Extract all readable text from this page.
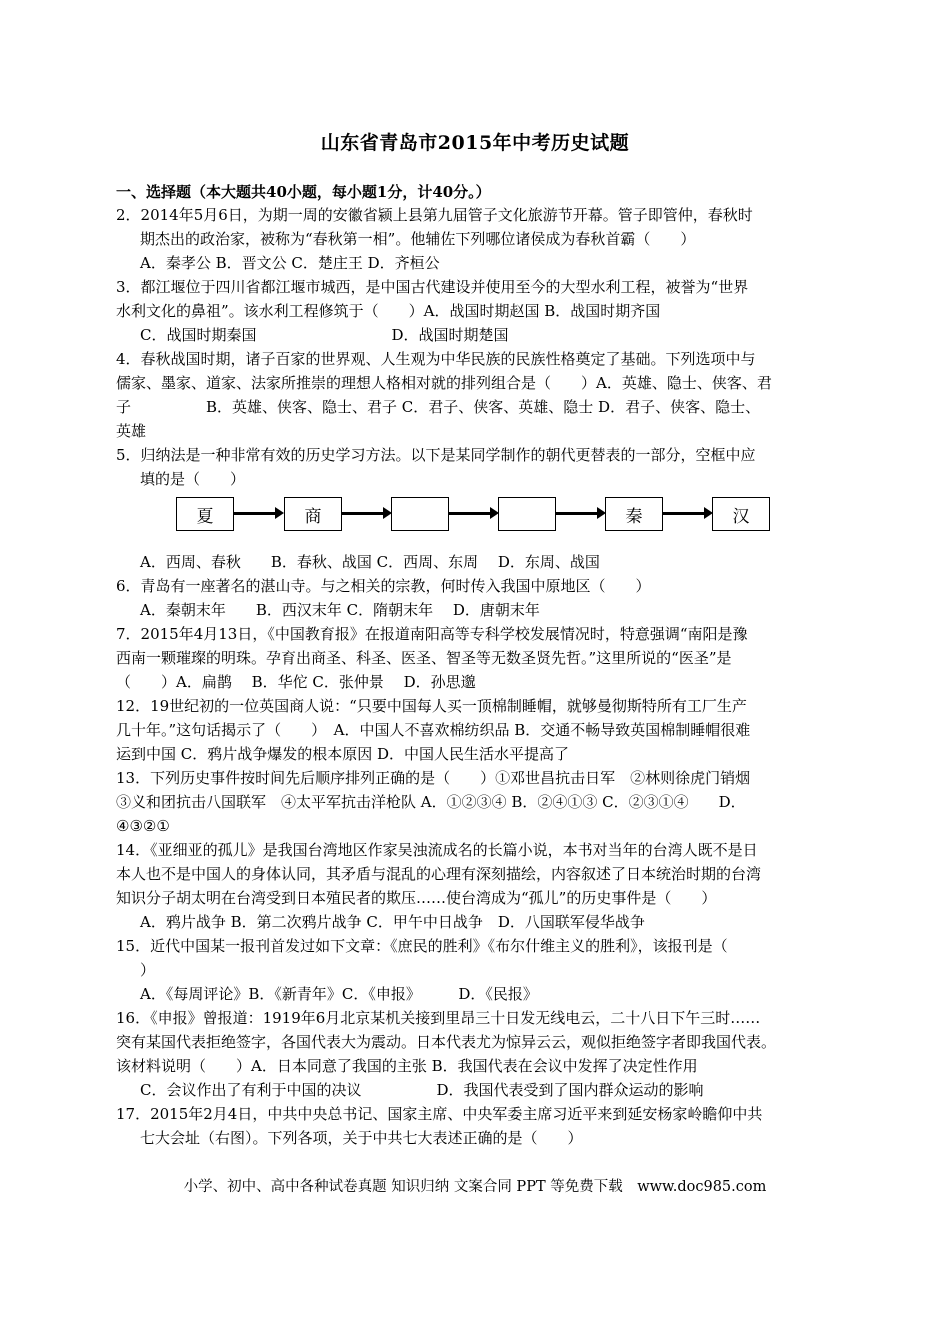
山东省青岛市2015年中考历史试题
一、选择题（本大题共40小题，每小题1分，计40分。）
2．2014年5月6日，为期一周的安徽省颍上县第九届管子文化旅游节开幕。管子即管仲，春秋时
期杰出的政治家，被称为“春秋第一相”。他辅佐下列哪位诸侯成为春秋首霸（　　）
A．秦孝公 B．晋文公 C．楚庄王 D．齐桓公
3．都江堰位于四川省都江堰市城西，是中国古代建设并使用至今的大型水利工程，被誉为“世界
水利文化的鼻祖”。该水利工程修筑于（　　）A．战国时期赵国 B．战国时期齐国
C．战国时期秦国　　　　　　　　　D．战国时期楚国
4．春秋战国时期，诸子百家的世界观、人生观为中华民族的民族性格奠定了基础。下列选项中与
儒家、墨家、道家、法家所推崇的理想人格相对就的排列组合是（　　）A．英雄、隐士、侠客、君
子　　　　　B．英雄、侠客、隐士、君子 C．君子、侠客、英雄、隐士 D．君子、侠客、隐士、
英雄
5．归纳法是一种非常有效的历史学习方法。以下是某同学制作的朝代更替表的一部分，空框中应
填的是（　　）
夏	商	秦	汉
A．西周、春秋　　B．春秋、战国 C．西周、东周　 D．东周、战国
6．青岛有一座著名的湛山寺。与之相关的宗教，何时传入我国中原地区（　　）
A．秦朝末年　　B．西汉末年 C．隋朝末年　 D．唐朝末年
7．2015年4月13日，《中国教育报》在报道南阳高等专科学校发展情况时，特意强调“南阳是豫
西南一颗璀璨的明珠。孕育出商圣、科圣、医圣、智圣等无数圣贤先哲。”这里所说的“医圣”是
（　　）A．扁鹊　 B．华佗 C．张仲景　 D．孙思邈
12．19世纪初的一位英国商人说：“只要中国每人买一顶棉制睡帽，就够曼彻斯特所有工厂生产
几十年。”这句话揭示了（　　）　A．中国人不喜欢棉纺织品 B．交通不畅导致英国棉制睡帽很难
运到中国 C．鸦片战争爆发的根本原因 D．中国人民生活水平提高了
13．下列历史事件按时间先后顺序排列正确的是（　　）①邓世昌抗击日军　②林则徐虎门销烟
③义和团抗击八国联军　④太平军抗击洋枪队 A．①②③④ B．②④①③ C．②③①④　　D．
④③②①
14．《亚细亚的孤儿》是我国台湾地区作家吴浊流成名的长篇小说，本书对当年的台湾人既不是日
本人也不是中国人的身体认同，其矛盾与混乱的心理有深刻描绘，内容叙述了日本统治时期的台湾
知识分子胡太明在台湾受到日本殖民者的欺压……使台湾成为“孤儿”的历史事件是（　　）
A．鸦片战争 B．第二次鸦片战争 C．甲午中日战争　D．八国联军侵华战争
15．近代中国某一报刊首发过如下文章：《庶民的胜利》《布尔什维主义的胜利》，该报刊是（
）
A．《每周评论》B．《新青年》C．《申报》　　　D．《民报》
16．《申报》曾报道：1919年6月北京某机关接到里昂三十日发无线电云，二十八日下午三时……
突有某国代表拒绝签字，各国代表大为震动。日本代表尤为惊异云云，观似拒绝签字者即我国代表。
该材料说明（　　）A．日本同意了我国的主张 B．我国代表在会议中发挥了决定性作用
C．会议作出了有利于中国的决议　　　　　D．我国代表受到了国内群众运动的影响
17．2015年2月4日，中共中央总书记、国家主席、中央军委主席习近平来到延安杨家岭瞻仰中共
七大会址（右图）。下列各项，关于中共七大表述正确的是（　　）
小学、初中、高中各种试卷真题 知识归纳 文案合同 PPT 等免费下载　www.doc985.com
